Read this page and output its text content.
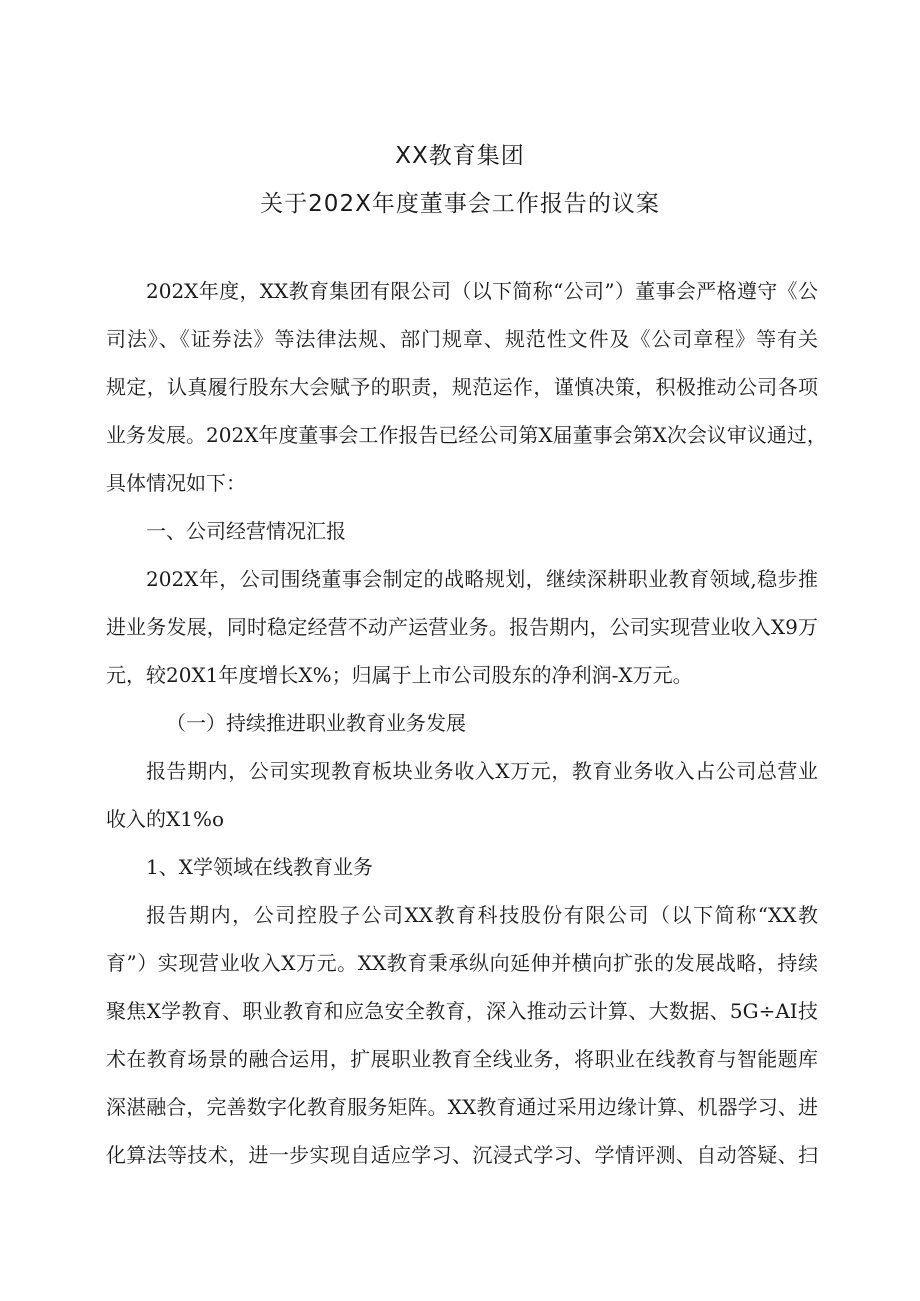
XX教育集团
关于202X年度董事会工作报告的议案
202X年度，XX教育集团有限公司（以下简称“公司”）董事会严格遵守《公
司法》、《证券法》等法律法规、部门规章、规范性文件及《公司章程》等有关
规定，认真履行股东大会赋予的职责，规范运作，谨慎决策，积极推动公司各项
业务发展。202X年度董事会工作报告已经公司第X届董事会第X次会议审议通过，
具体情况如下：
一、公司经营情况汇报
202X年，公司围绕董事会制定的战略规划，继续深耕职业教育领域,稳步推
进业务发展，同时稳定经营不动产运营业务。报告期内，公司实现营业收入X9万
元，较20X1年度增长X%；归属于上市公司股东的净利润-X万元。
（一）持续推进职业教育业务发展
报告期内，公司实现教育板块业务收入X万元，教育业务收入占公司总营业
收入的X1%o
1、X学领域在线教育业务
报告期内，公司控股子公司XX教育科技股份有限公司（以下简称“XX教
育”）实现营业收入X万元。XX教育秉承纵向延伸并横向扩张的发展战略，持续
聚焦X学教育、职业教育和应急安全教育，深入推动云计算、大数据、5G÷AI技
术在教育场景的融合运用，扩展职业教育全线业务，将职业在线教育与智能题库
深湛融合，完善数字化教育服务矩阵。XX教育通过采用边缘计算、机器学习、进
化算法等技术，进一步实现自适应学习、沉浸式学习、学情评测、自动答疑、扫
